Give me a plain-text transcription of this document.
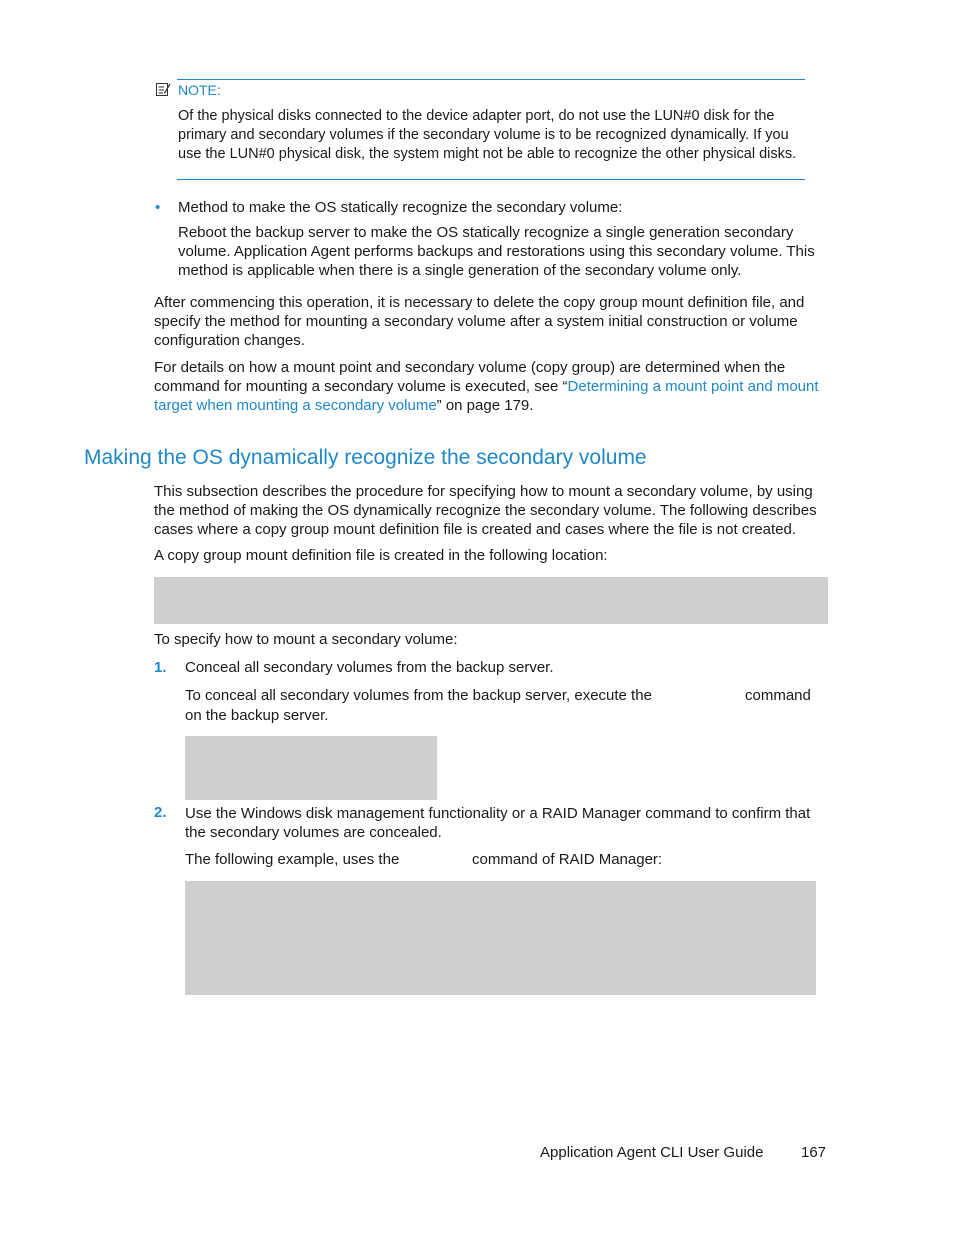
NOTE:
Of the physical disks connected to the device adapter port, do not use the LUN#0 disk for the
primary and secondary volumes if the secondary volume is to be recognized dynamically. If you
use the LUN#0 physical disk, the system might not be able to recognize the other physical disks.
• Method to make the OS statically recognize the secondary volume:
Reboot the backup server to make the OS statically recognize a single generation secondary
volume. Application Agent performs backups and restorations using this secondary volume. This
method is applicable when there is a single generation of the secondary volume only.
After commencing this operation, it is necessary to delete the copy group mount definition file, and
specify the method for mounting a secondary volume after a system initial construction or volume
configuration changes.
For details on how a mount point and secondary volume (copy group) are determined when the
command for mounting a secondary volume is executed, see “Determining a mount point and mount
target when mounting a secondary volume” on page 179.
Making the OS dynamically recognize the secondary volume
This subsection describes the procedure for specifying how to mount a secondary volume, by using
the method of making the OS dynamically recognize the secondary volume. The following describes
cases where a copy group mount definition file is created and cases where the file is not created.
A copy group mount definition file is created in the following location:
To specify how to mount a secondary volume:
1. Conceal all secondary volumes from the backup server.
To conceal all secondary volumes from the backup server, execute the	command
on the backup server.
2. Use the Windows disk management functionality or a RAID Manager command to confirm that
the secondary volumes are concealed.
The following example, uses the	command of RAID Manager:
Application Agent CLI User Guide	167
